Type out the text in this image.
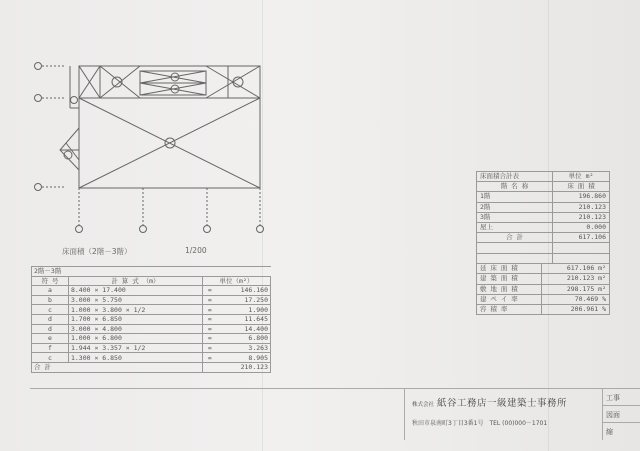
床面積（2階－3階）	1/200
2階－3階			
符 号	計 算 式 （m）	単位（m²）	
a	8.400 × 17.400	=	146.160
b	3.000 × 5.750	=	17.250
c	1.000 × 3.800 × 1/2	=	1.900
d	1.700 × 6.850	=	11.645
d	3.000 × 4.800	=	14.400
e	1.000 × 6.800	=	6.800
f	1.944 × 3.357 × 1/2	=	3.263
c	1.300 × 6.850	=	8.905
合 計		210.123	
床面積合計表	単位 m²
階 名 称	床 面 積
1階	196.860
2階	210.123
3階	210.123
屋上	0.000
合 計	617.106

延 床 面 積	617.106 m²
建 築 面 積	210.123 m²
敷 地 面 積	298.175 m²
建 ペ イ 率	70.469 %
容 積 率	206.961 %
株式会社 紙谷工務店一級建築士事務所
秋田市泉南町3丁目3番1号　TEL (00)000－1701
工事
図面
縮
